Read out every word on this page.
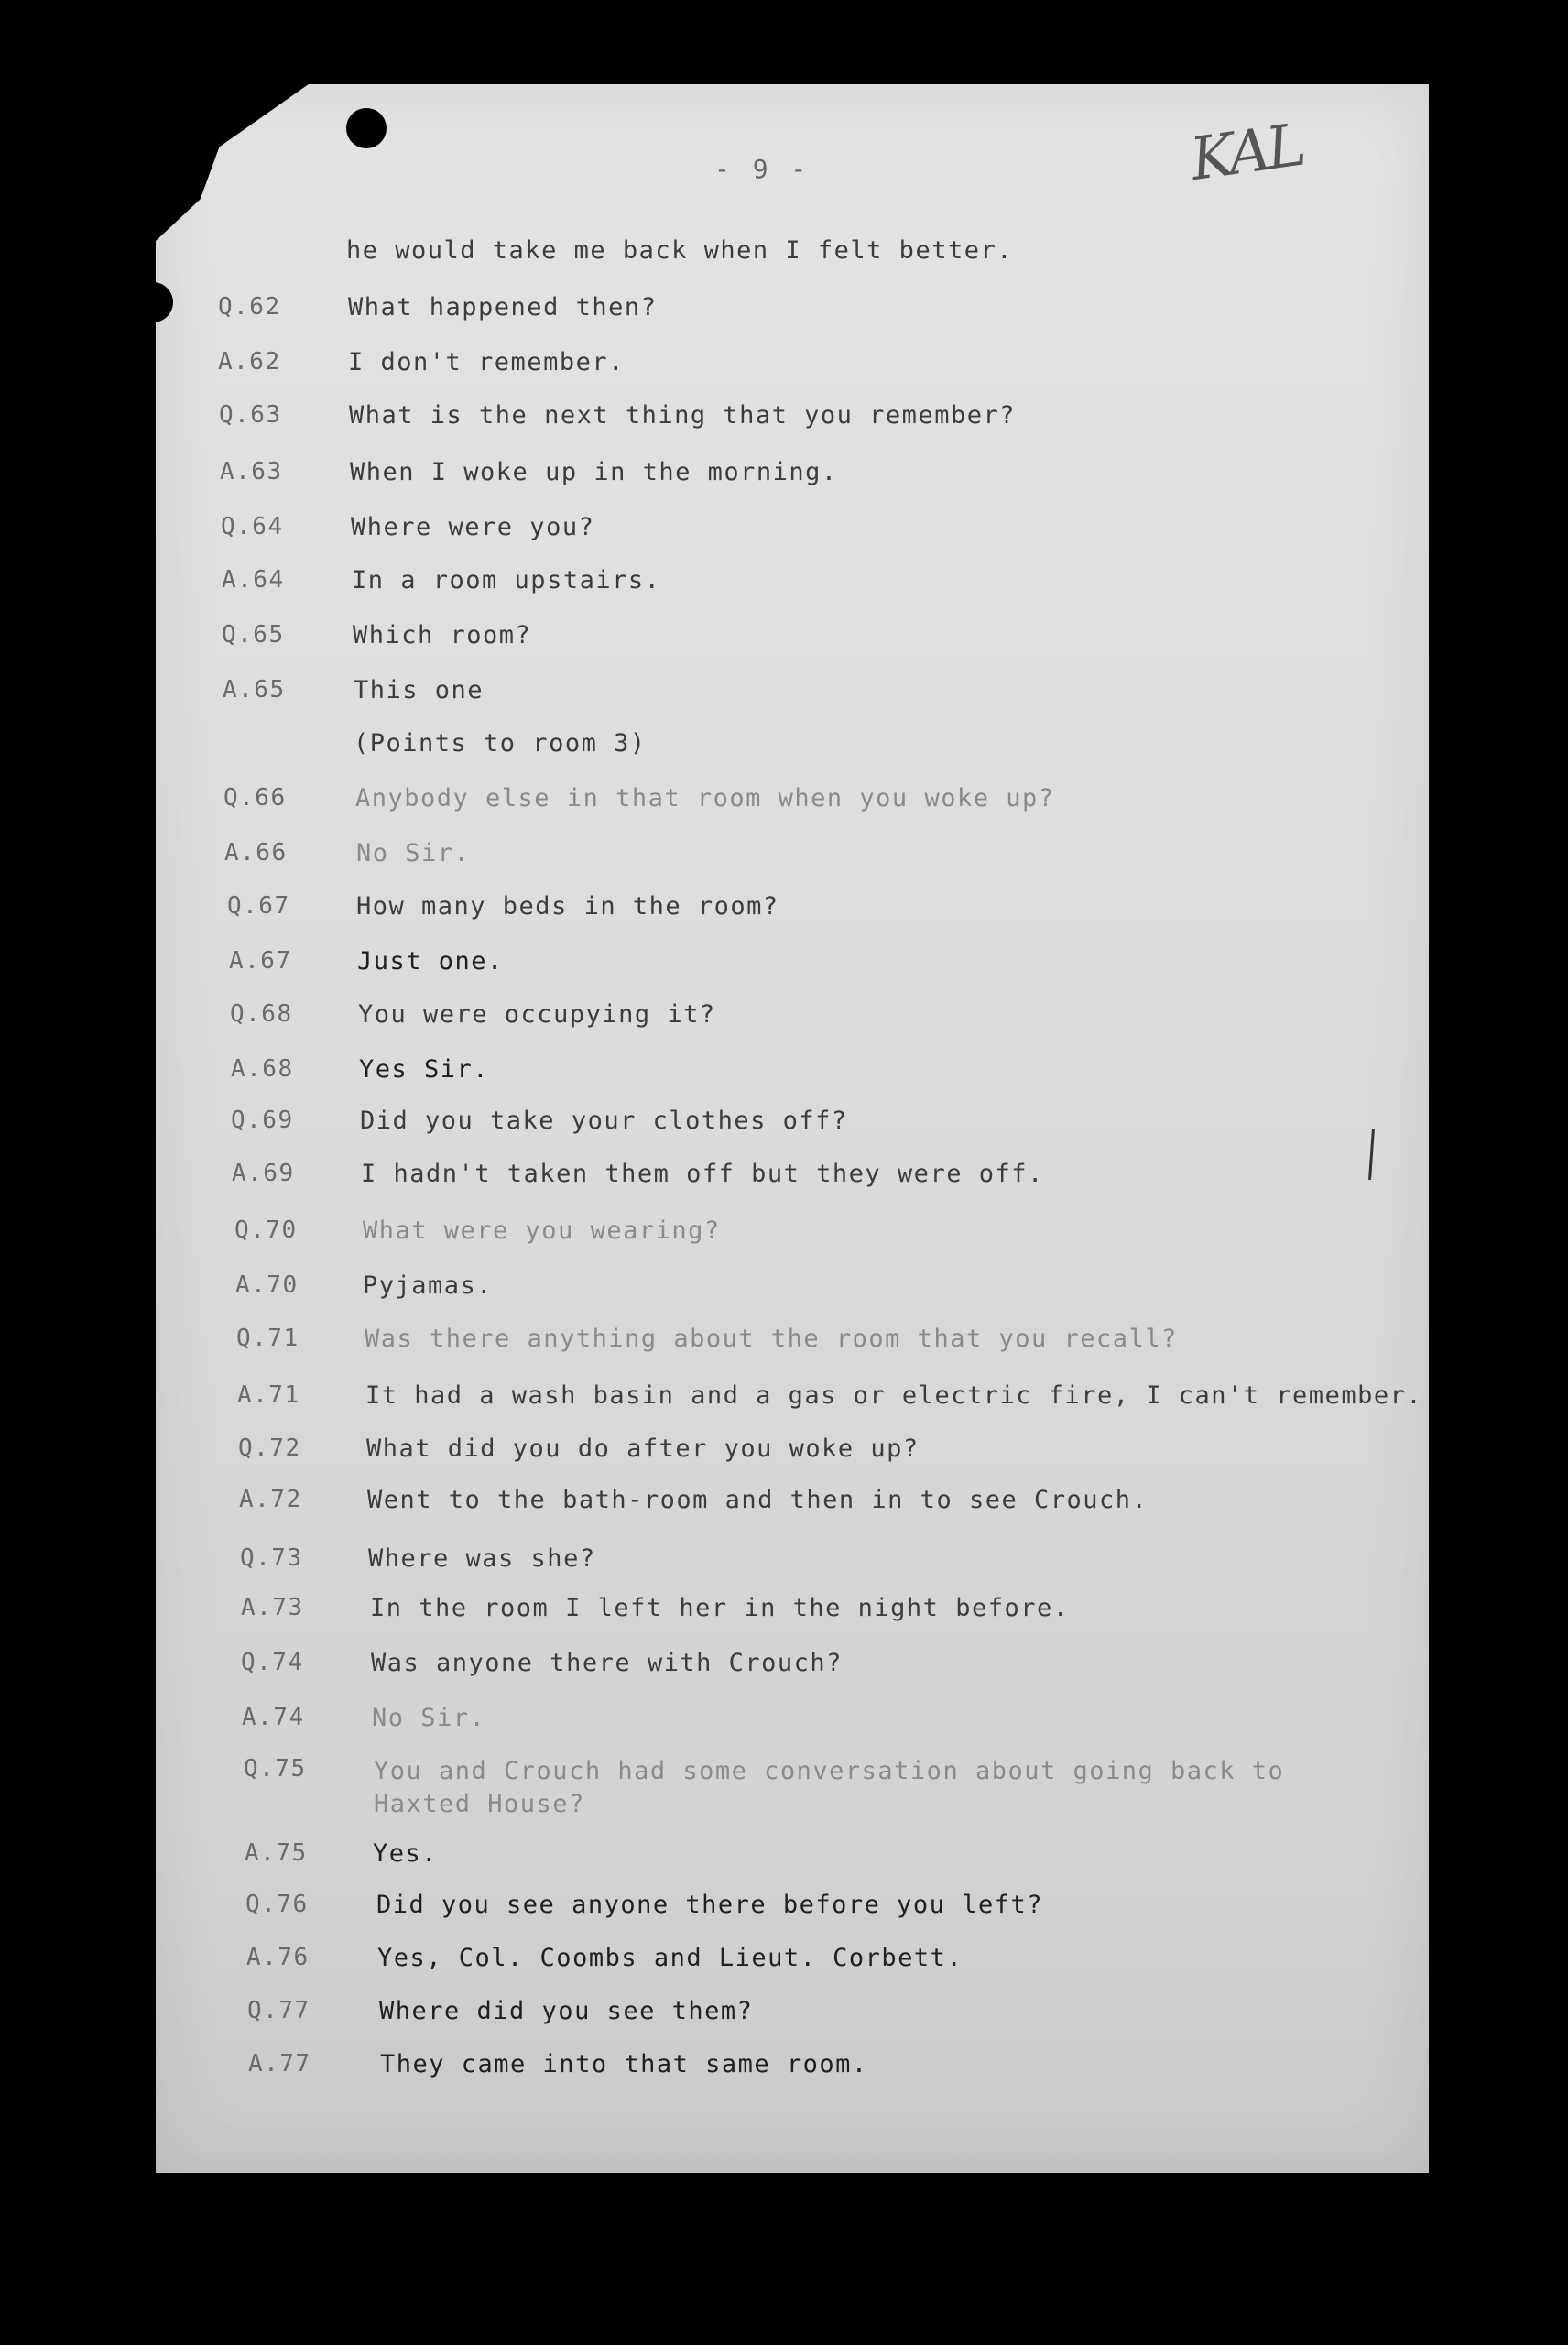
- 9 -	KAL
he would take me back when I felt better.
Q.62	What happened then?
A.62	I don't remember.
Q.63	What is the next thing that you remember?
A.63	When I woke up in the morning.
Q.64	Where were you?
A.64	In a room upstairs.
Q.65	Which room?
A.65	This one
(Points to room 3)
Q.66	Anybody else in that room when you woke up?
A.66	No Sir.
Q.67	How many beds in the room?
A.67	Just one.
Q.68	You were occupying it?
A.68	Yes Sir.
Q.69	Did you take your clothes off?
A.69	I hadn't taken them off but they were off.
Q.70	What were you wearing?
A.70	Pyjamas.
Q.71	Was there anything about the room that you recall?
A.71	It had a wash basin and a gas or electric fire, I can't remember.
Q.72	What did you do after you woke up?
A.72	Went to the bath-room and then in to see Crouch.
Q.73	Where was she?
A.73	In the room I left her in the night before.
Q.74	Was anyone there with Crouch?
A.74	No Sir.
Q.75	You and Crouch had some conversation about going back to Haxted House?
A.75	Yes.
Q.76	Did you see anyone there before you left?
A.76	Yes, Col. Coombs and Lieut. Corbett.
Q.77	Where did you see them?
A.77	They came into that same room.
